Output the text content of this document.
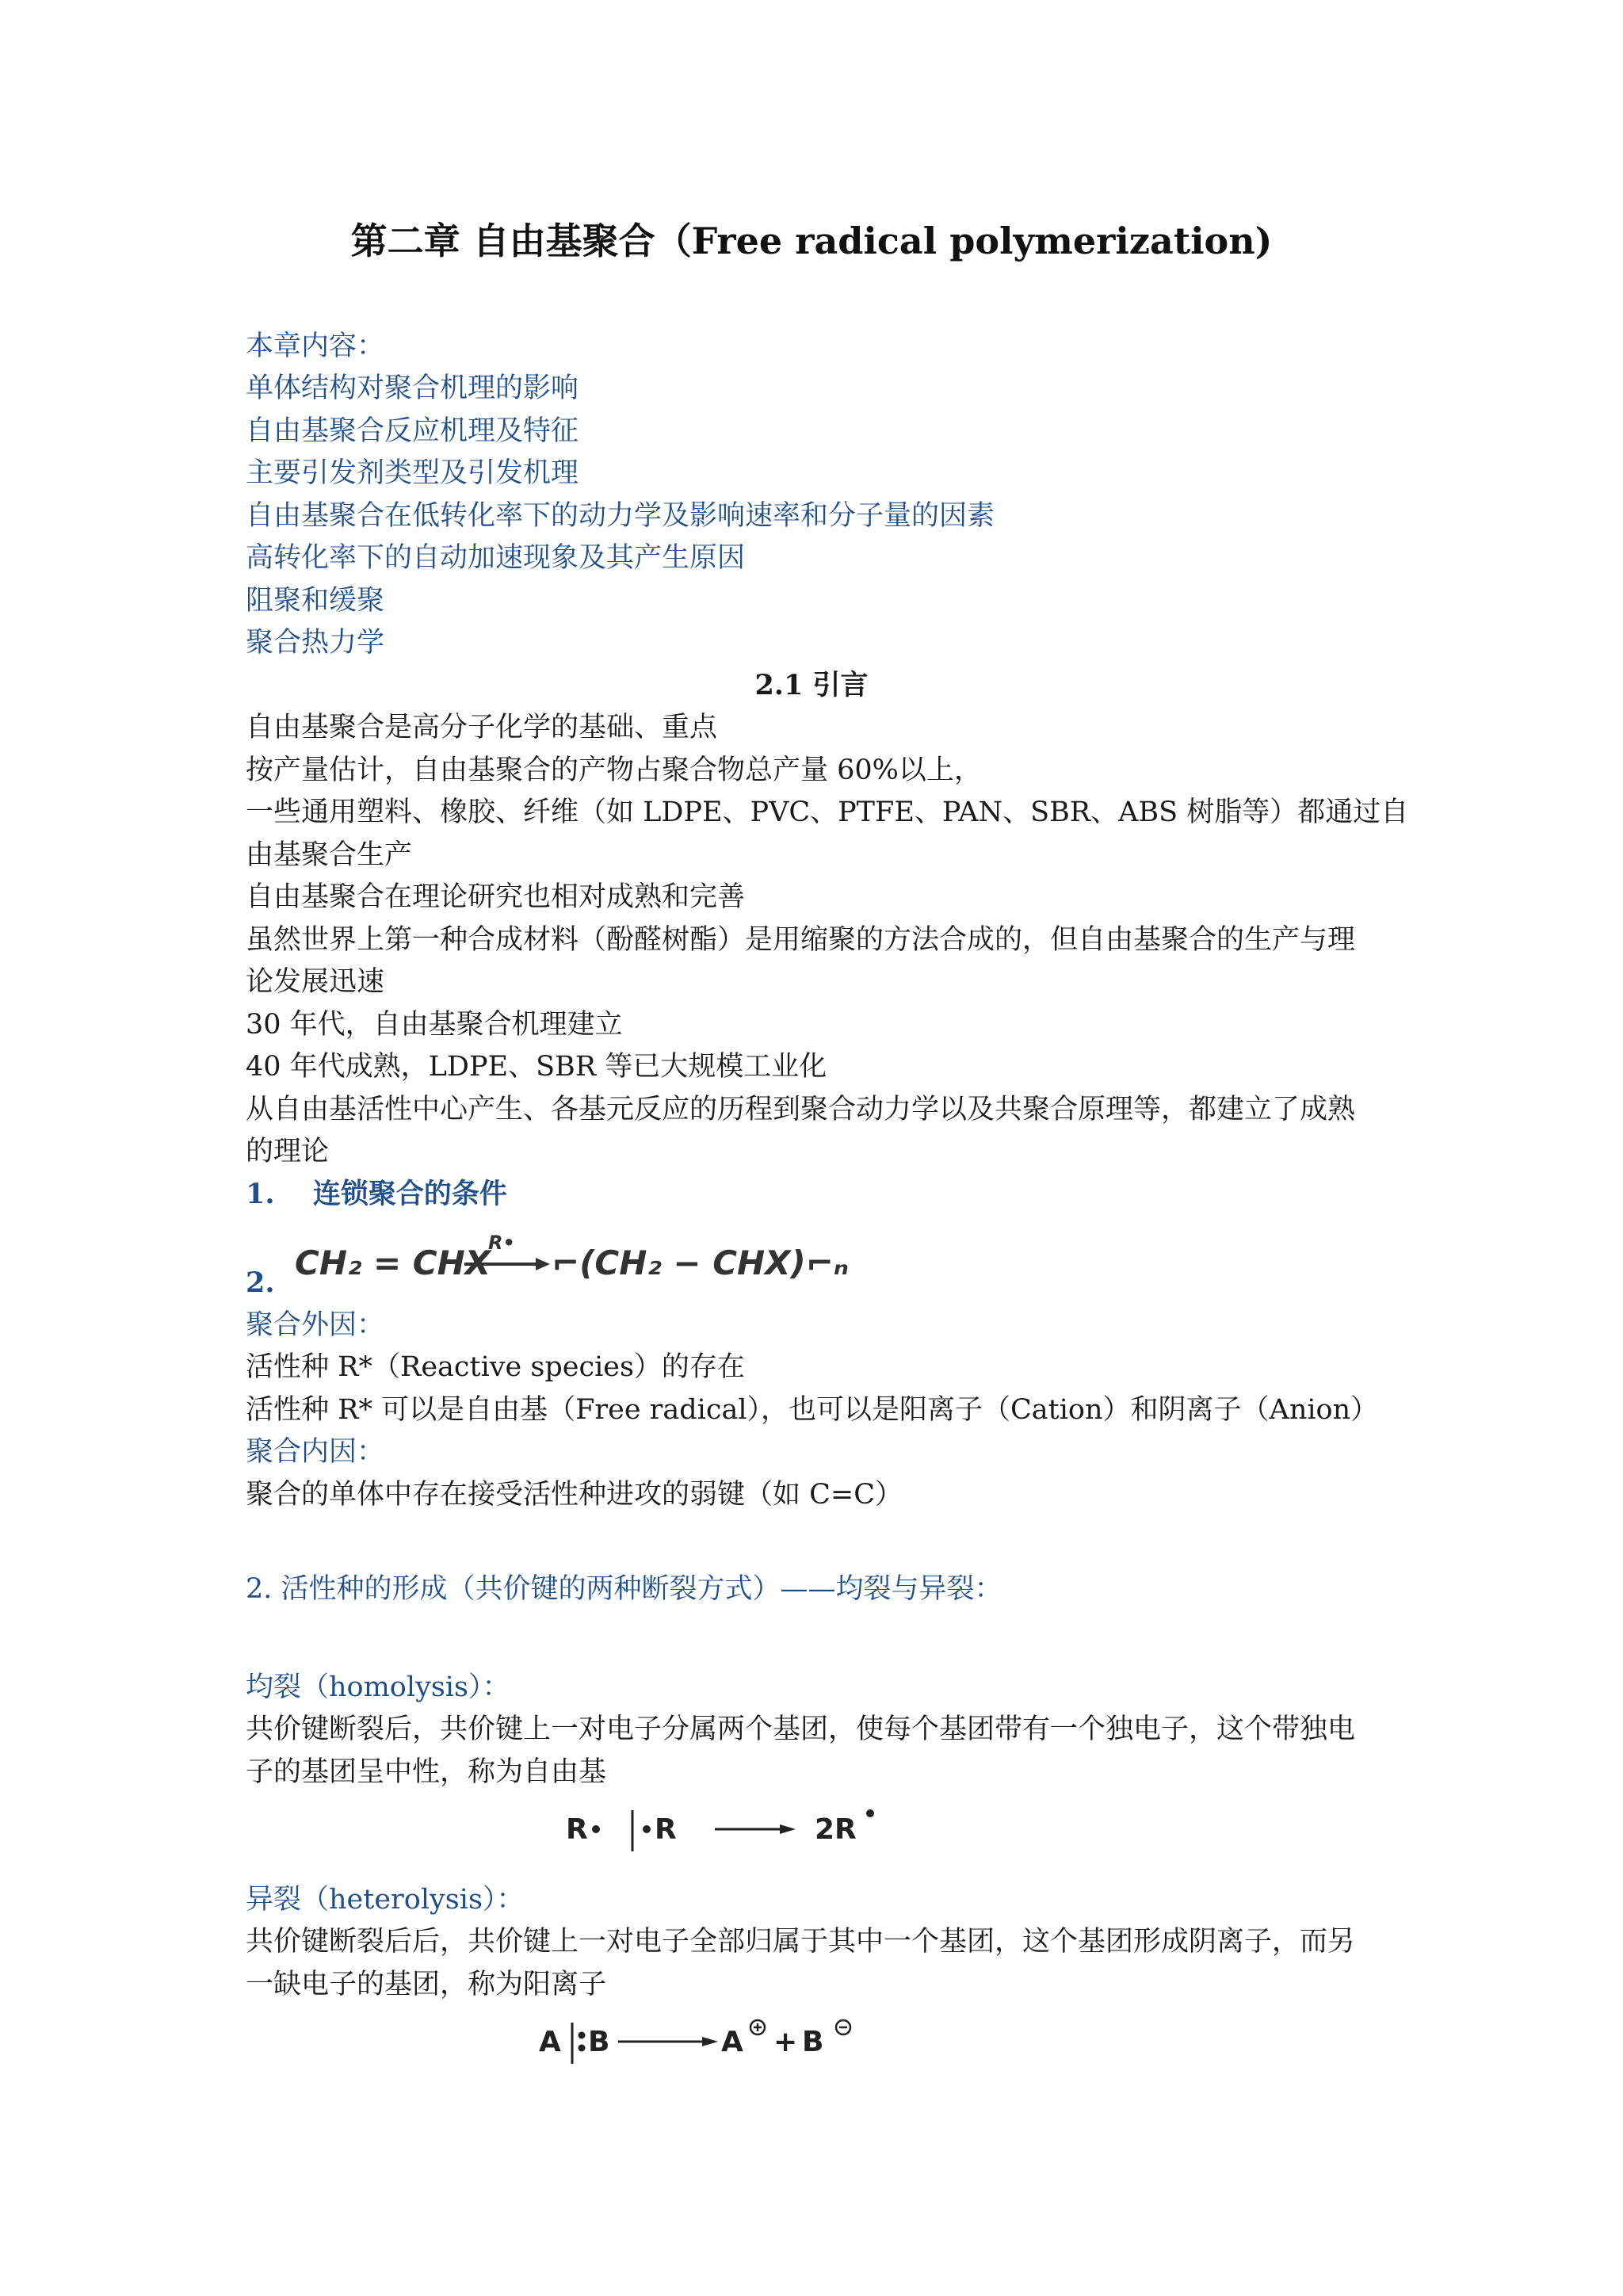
第二章 自由基聚合（Free radical polymerization)
本章内容：
单体结构对聚合机理的影响
自由基聚合反应机理及特征
主要引发剂类型及引发机理
自由基聚合在低转化率下的动力学及影响速率和分子量的因素
高转化率下的自动加速现象及其产生原因
阻聚和缓聚
聚合热力学
2.1 引言
自由基聚合是高分子化学的基础、重点
按产量估计，自由基聚合的产物占聚合物总产量 60%以上，
一些通用塑料、橡胶、纤维（如 LDPE、PVC、PTFE、PAN、SBR、ABS 树脂等）都通过自
由基聚合生产
自由基聚合在理论研究也相对成熟和完善
虽然世界上第一种合成材料（酚醛树酯）是用缩聚的方法合成的，但自由基聚合的生产与理
论发展迅速
30 年代，自由基聚合机理建立
40 年代成熟，LDPE、SBR 等已大规模工业化
从自由基活性中心产生、各基元反应的历程到聚合动力学以及共聚合原理等，都建立了成熟
的理论
1. 连锁聚合的条件
2.
CH₂ = CHX
R•
⌐(CH₂ − CHX)⌐ₙ
聚合外因：
活性种 R*（Reactive species）的存在
活性种 R* 可以是自由基（Free radical），也可以是阳离子（Cation）和阴离子（Anion）
聚合内因：
聚合的单体中存在接受活性种进攻的弱键（如 C=C）
2. 活性种的形成（共价键的两种断裂方式）——均裂与异裂：
均裂（homolysis）：
共价键断裂后，共价键上一对电子分属两个基团，使每个基团带有一个独电子，这个带独电
子的基团呈中性，称为自由基
R R	2R
异裂（heterolysis）：
共价键断裂后后，共价键上一对电子全部归属于其中一个基团，这个基团形成阴离子，而另
一缺电子的基团，称为阳离子
A B	A + B
